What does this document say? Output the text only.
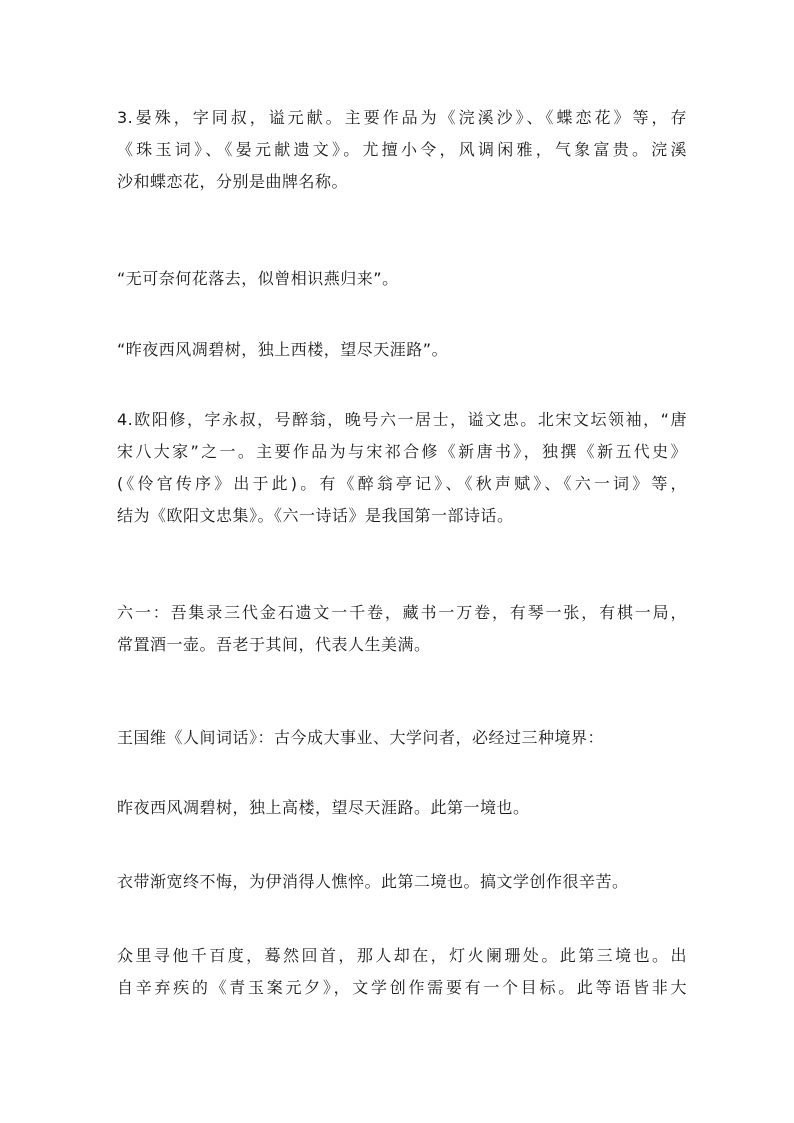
3.晏殊，字同叔，谥元献。主要作品为《浣溪沙》、《蝶恋花》等，存
《珠玉词》、《晏元献遗文》。尤擅小令，风调闲雅，气象富贵。浣溪
沙和蝶恋花，分别是曲牌名称。
“无可奈何花落去，似曾相识燕归来”。
“昨夜西风凋碧树，独上西楼，望尽天涯路”。
4.欧阳修，字永叔，号醉翁，晚号六一居士，谥文忠。北宋文坛领袖，“唐
宋八大家”之一。主要作品为与宋祁合修《新唐书》，独撰《新五代史》
(《伶官传序》出于此)。有《醉翁亭记》、《秋声赋》、《六一词》等，
结为《欧阳文忠集》。《六一诗话》是我国第一部诗话。
六一：吾集录三代金石遗文一千卷，藏书一万卷，有琴一张，有棋一局，
常置酒一壶。吾老于其间，代表人生美满。
王国维《人间词话》：古今成大事业、大学问者，必经过三种境界：
昨夜西风凋碧树，独上高楼，望尽天涯路。此第一境也。
衣带渐宽终不悔，为伊消得人憔悴。此第二境也。搞文学创作很辛苦。
众里寻他千百度，蓦然回首，那人却在，灯火阑珊处。此第三境也。出
自辛弃疾的《青玉案元夕》，文学创作需要有一个目标。此等语皆非大
